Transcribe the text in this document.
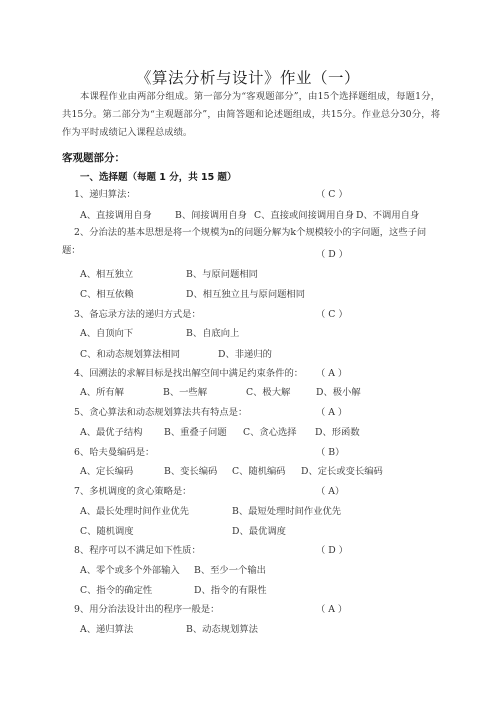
《算法分析与设计》作业（一）
本课程作业由两部分组成。第一部分为“客观题部分”，由15个选择题组成，每题1分，共15分。第二部分为“主观题部分”，由简答题和论述题组成，共15分。作业总分30分，将作为平时成绩记入课程总成绩。
客观题部分：
一、选择题（每题 1 分，共 15 题）
1、递归算法：	（ C ）
A、直接调用自身 B、间接调用自身 C、直接或间接调用自身 D、不调用自身
2、分治法的基本思想是将一个规模为n的问题分解为k个规模较小的字问题，这些子问题：	（ D ）
A、相互独立	B、与原问题相同
C、相互依赖	D、相互独立且与原问题相同
3、备忘录方法的递归方式是：	（ C ）
A、自顶向下	B、自底向上
C、和动态规划算法相同	D、非递归的
4、回溯法的求解目标是找出解空间中满足约束条件的： （ A ）
A、所有解	B、一些解	C、极大解	D、极小解
5、贪心算法和动态规划算法共有特点是：	（ A ）
A、最优子结构 B、重叠子问题 C、贪心选择 D、形函数
6、哈夫曼编码是：	（ B）
A、定长编码	B、变长编码 C、随机编码 D、定长或变长编码
7、多机调度的贪心策略是：	（ A）
A、最长处理时间作业优先	B、最短处理时间作业优先
C、随机调度	D、最优调度
8、程序可以不满足如下性质：	（ D ）
A、零个或多个外部输入 B、至少一个输出
C、指令的确定性	D、指令的有限性
9、用分治法设计出的程序一般是：	（ A ）
A、递归算法	B、动态规划算法
